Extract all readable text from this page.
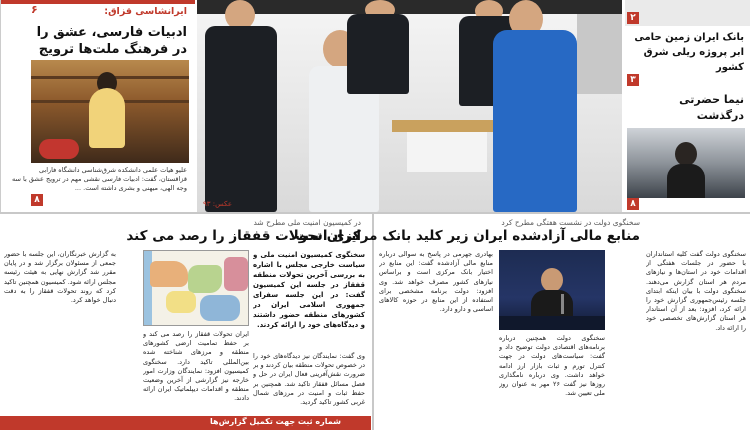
۶	ایرانشاسی قزاق:
ادبیات فارسی، عشق را در فرهنگ ملت‌ها ترویج
علیو هیات علمی دانشکده شرق‌شناسی دانشگاه فارابی قزاقستان، گفت: ادبیات فارسی نقشی مهم در ترویج عشق با سه وجه الهی، میهنی و بشری داشته است. ...
۸	عکس: ۹۳
۲
بانک ایران زمین حامی ابر پروژه ریلی شرق کشور
۳
نیما حضرتی درگذشت
۸
در کمیسیون امنیت ملی مطرح شد
ایران تحولات قفقاز را رصد می کند
سخنگوی کمیسیون امنیت ملی و سیاست خارجی مجلس با اشاره به بررسی آخرین تحولات منطقه قفقاز در جلسه این کمیسیون گفت: در این جلسه سفرای جمهوری اسلامی ایران در کشورهای منطقه حضور داشتند و دیدگاه‌های خود را ارائه کردند.
ایران تحولات قفقاز را رصد می کند و بر حفظ تمامیت ارضی کشورهای منطقه و مرزهای شناخته شده بین‌المللی تاکید دارد. سخنگوی کمیسیون افزود: نمایندگان وزارت امور خارجه نیز گزارشی از آخرین وضعیت منطقه و اقدامات دیپلماتیک ایران ارائه دادند.
وی گفت: نمایندگان نیز دیدگاه‌های خود را در خصوص تحولات منطقه بیان کردند و بر ضرورت نقش‌آفرینی فعال ایران در حل و فصل مسائل قفقاز تاکید شد. همچنین بر حفظ ثبات و امنیت در مرزهای شمال غربی کشور تاکید گردید.
به گزارش خبرنگاران، این جلسه با حضور جمعی از مسئولان برگزار شد و در پایان مقرر شد گزارش نهایی به هیئت رئیسه مجلس ارائه شود. کمیسیون همچنین تاکید کرد که روند تحولات قفقاز را به دقت دنبال خواهد کرد.
شماره ثبت جهت تکمیل گزارش‌ها
سخنگوی دولت در نشست هفتگی مطرح کرد
منابع مالی آزادشده ایران زیر کلید بانک مرکزی است
سخنگوی دولت گفت کلیه استانداران با حضور در جلسات هفتگی از اقدامات خود در استان‌ها و نیازهای مردم هر استان گزارش می‌دهند. سخنگوی دولت با بیان اینکه ابتدای جلسه رئیس‌جمهوری گزارش خود را ارائه کرد، افزود: بعد از آن استاندار هر استان گزارش‌های تخصصی خود را ارائه داد.
بهادری جهرمی در پاسخ به سوالی درباره منابع مالی آزادشده گفت: این منابع در اختیار بانک مرکزی است و براساس نیازهای کشور مصرف خواهد شد. وی افزود: دولت برنامه مشخصی برای استفاده از این منابع در حوزه کالاهای اساسی و دارو دارد.
سخنگوی دولت همچنین درباره برنامه‌های اقتصادی دولت توضیح داد و گفت: سیاست‌های دولت در جهت کنترل تورم و ثبات بازار ارز ادامه خواهد داشت. وی درباره نامگذاری روزها نیز گفت ۲۶ مهر به عنوان روز ملی تعیین شد.
